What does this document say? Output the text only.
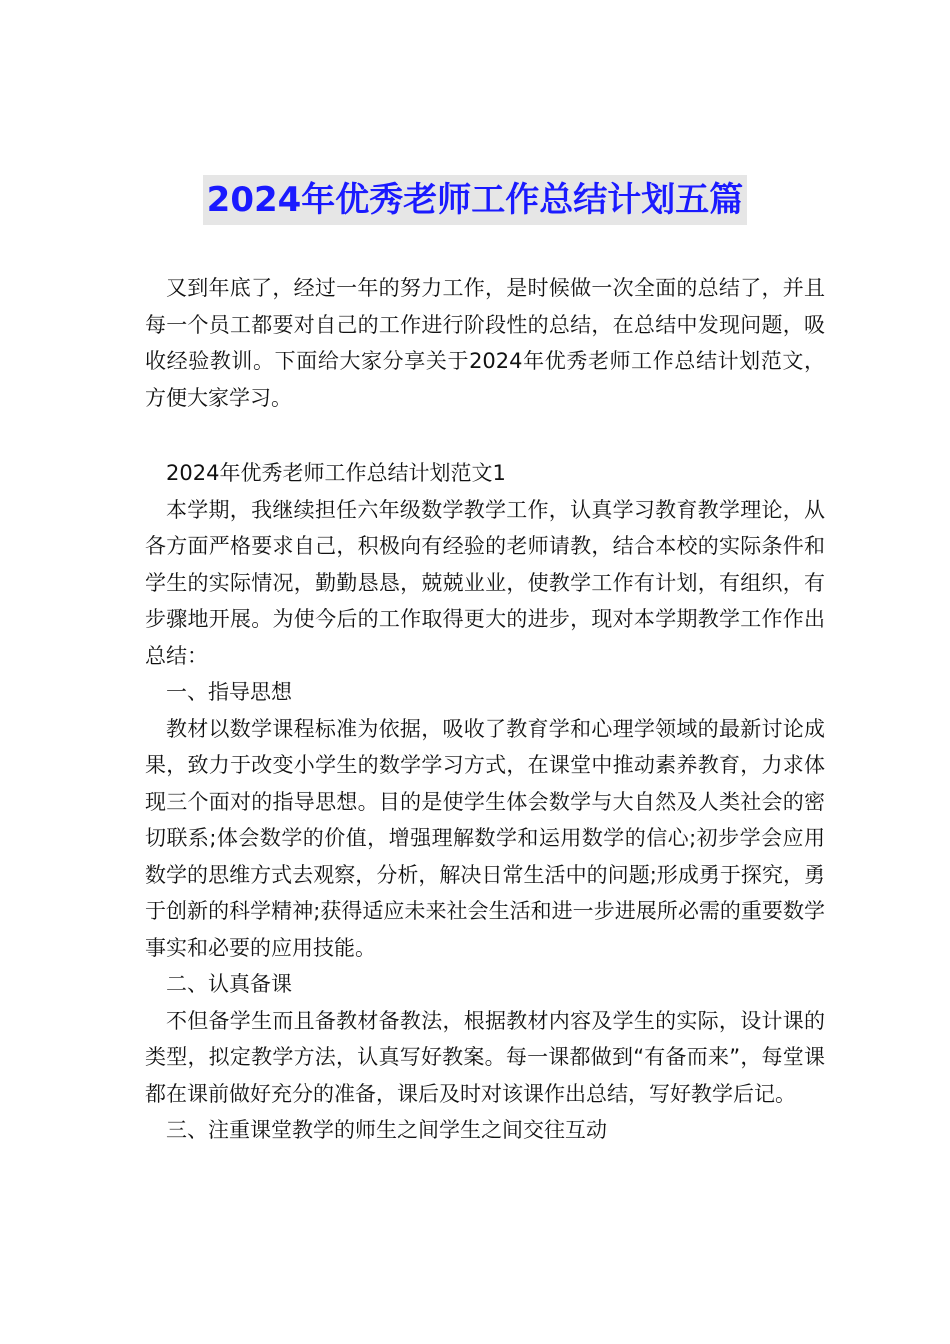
2024年优秀老师工作总结计划五篇

又到年底了，经过一年的努力工作，是时候做一次全面的总结了，并且每一个员工都要对自己的工作进行阶段性的总结，在总结中发现问题，吸收经验教训。下面给大家分享关于2024年优秀老师工作总结计划范文，方便大家学习。

2024年优秀老师工作总结计划范文1

本学期，我继续担任六年级数学教学工作，认真学习教育教学理论，从各方面严格要求自己，积极向有经验的老师请教，结合本校的实际条件和学生的实际情况，勤勤恳恳，兢兢业业，使教学工作有计划，有组织，有步骤地开展。为使今后的工作取得更大的进步，现对本学期教学工作作出总结：

一、指导思想

教材以数学课程标准为依据，吸收了教育学和心理学领域的最新讨论成果，致力于改变小学生的数学学习方式，在课堂中推动素养教育，力求体现三个面对的指导思想。目的是使学生体会数学与大自然及人类社会的密切联系;体会数学的价值，增强理解数学和运用数学的信心;初步学会应用数学的思维方式去观察，分析，解决日常生活中的问题;形成勇于探究，勇于创新的科学精神;获得适应未来社会生活和进一步进展所必需的重要数学事实和必要的应用技能。

二、认真备课

不但备学生而且备教材备教法，根据教材内容及学生的实际，设计课的类型，拟定教学方法，认真写好教案。每一课都做到“有备而来”，每堂课都在课前做好充分的准备，课后及时对该课作出总结，写好教学后记。

三、注重课堂教学的师生之间学生之间交往互动
